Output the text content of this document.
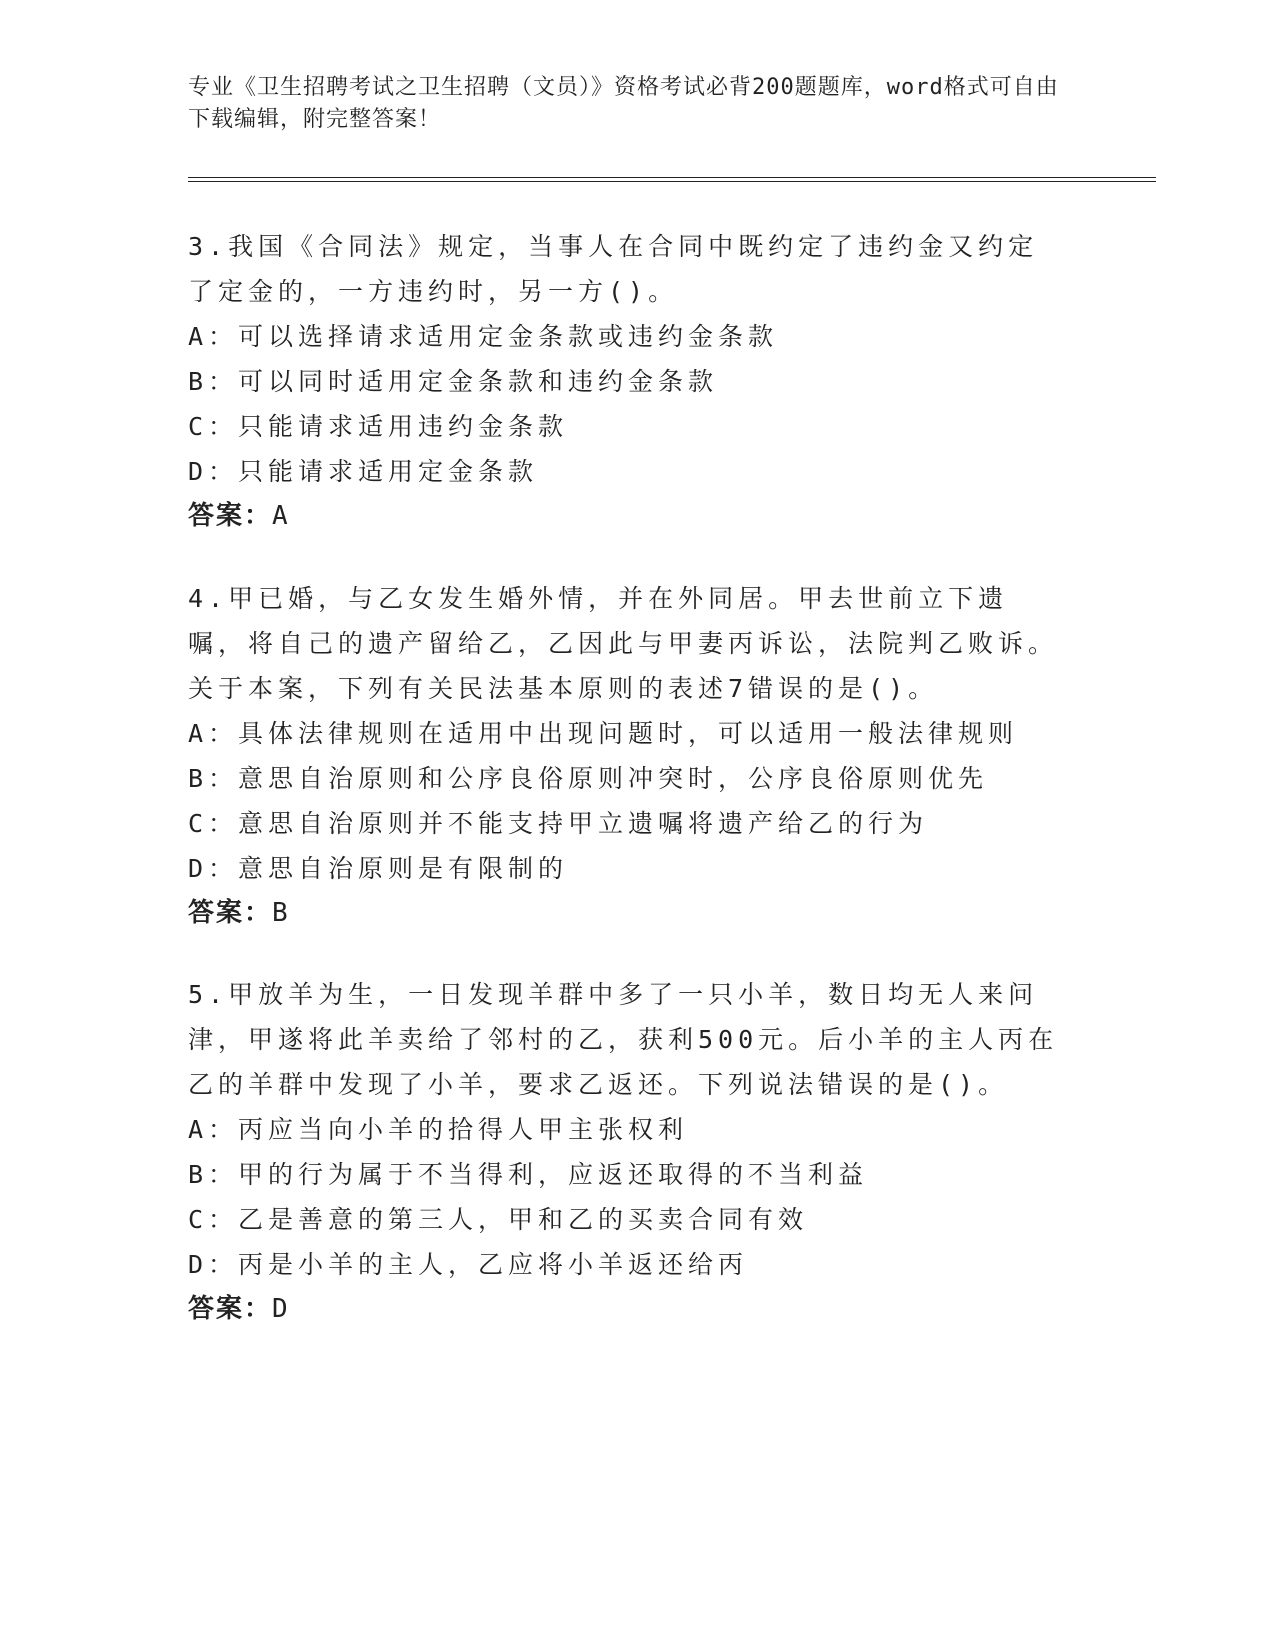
专业《卫生招聘考试之卫生招聘（文员）》资格考试必背200题题库，word格式可自由下载编辑，附完整答案！

3.我国《合同法》规定，当事人在合同中既约定了违约金又约定了定金的，一方违约时，另一方()。

A：可以选择请求适用定金条款或违约金条款

B：可以同时适用定金条款和违约金条款

C：只能请求适用违约金条款

D：只能请求适用定金条款

答案：A

4.甲已婚，与乙女发生婚外情，并在外同居。甲去世前立下遗嘱，将自己的遗产留给乙，乙因此与甲妻丙诉讼，法院判乙败诉。关于本案，下列有关民法基本原则的表述7错误的是()。

A：具体法律规则在适用中出现问题时，可以适用一般法律规则

B：意思自治原则和公序良俗原则冲突时，公序良俗原则优先

C：意思自治原则并不能支持甲立遗嘱将遗产给乙的行为

D：意思自治原则是有限制的

答案：B

5.甲放羊为生，一日发现羊群中多了一只小羊，数日均无人来问津，甲遂将此羊卖给了邻村的乙，获利500元。后小羊的主人丙在乙的羊群中发现了小羊，要求乙返还。下列说法错误的是()。

A：丙应当向小羊的拾得人甲主张权利

B：甲的行为属于不当得利，应返还取得的不当利益

C：乙是善意的第三人，甲和乙的买卖合同有效

D：丙是小羊的主人，乙应将小羊返还给丙

答案：D
